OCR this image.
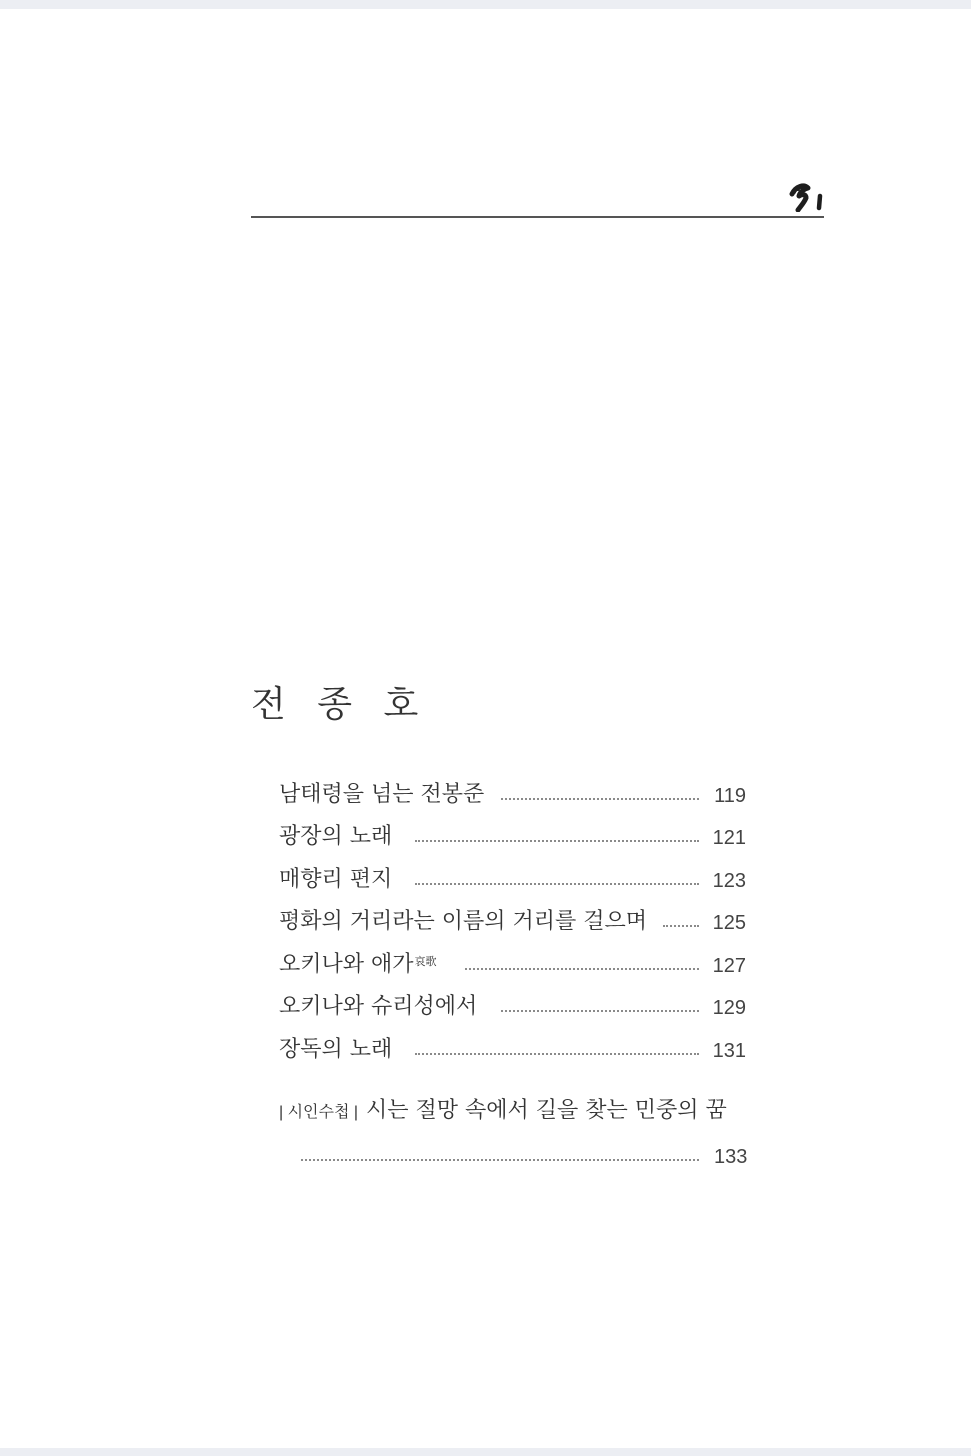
전 종 호
남태령을 넘는 전봉준	119
광장의 노래	121
매향리 편지	123
평화의 거리라는 이름의 거리를 걸으며	125
오키나와 애가$^{哀歌}$	127
오키나와 슈리성에서	129
장독의 노래	131
| 시인수첩 | 시는 절망 속에서 길을 찾는 민중의 꿈
133
